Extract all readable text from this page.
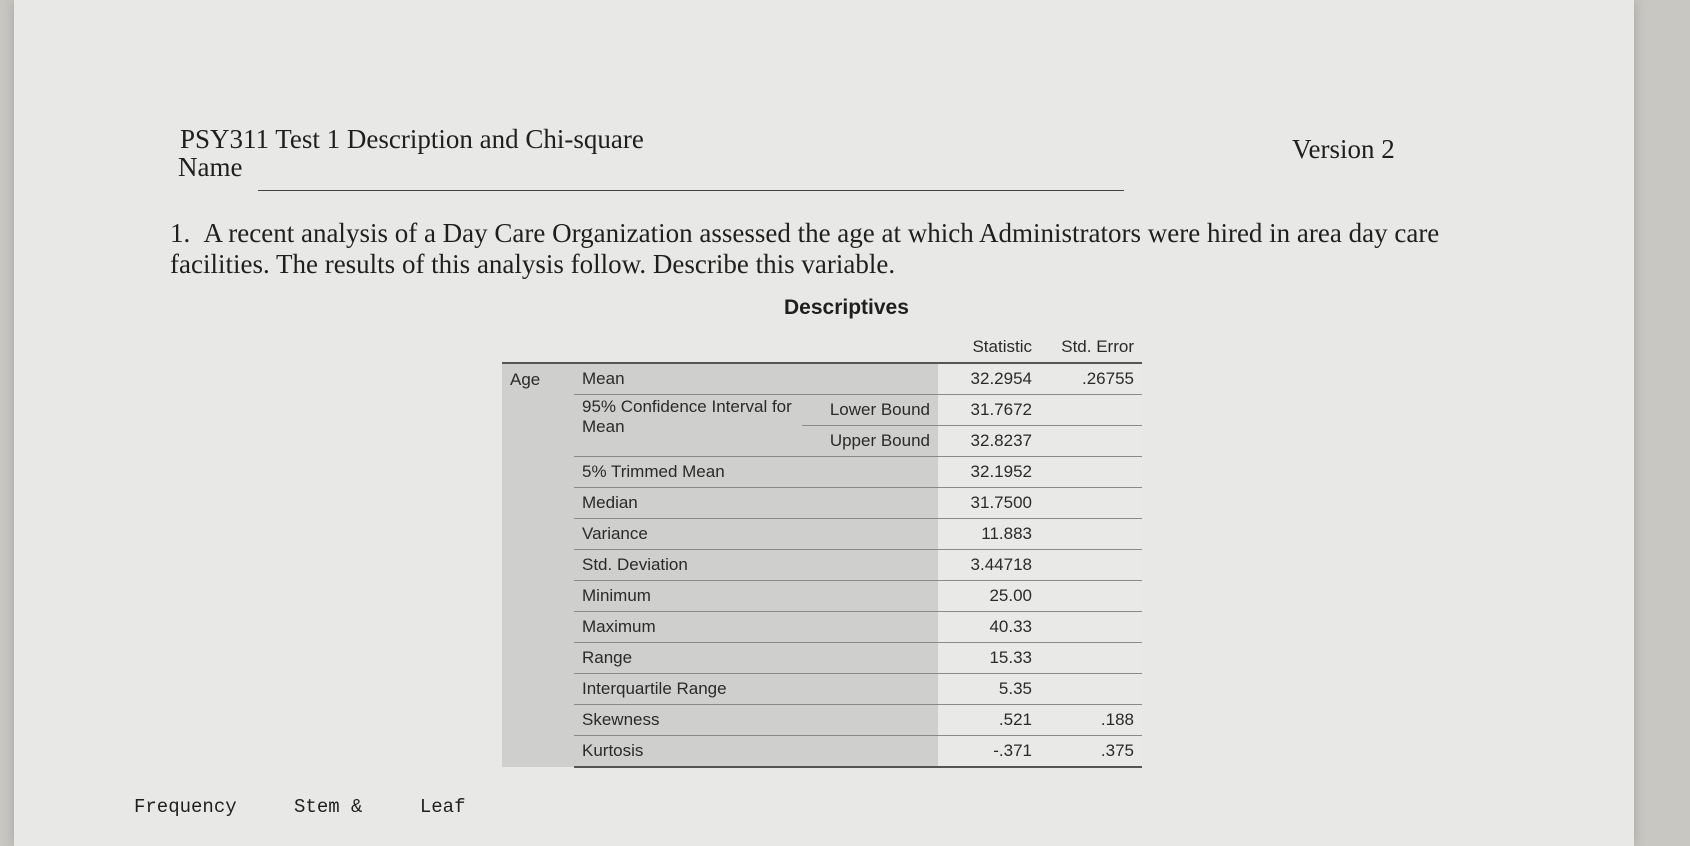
PSY311 Test 1 Description and Chi-square	Version 2
Name
1. A recent analysis of a Day Care Organization assessed the age at which Administrators were hired in area day care facilities. The results of this analysis follow. Describe this variable.
Descriptives
			Statistic	Std. Error
Age	Mean		32.2954	.26755
	95% Confidence Interval for Mean	Lower Bound	31.7672	
		Upper Bound	32.8237	
	5% Trimmed Mean		32.1952	
	Median		31.7500	
	Variance		11.883	
	Std. Deviation		3.44718	
	Minimum		25.00	
	Maximum		40.33	
	Range		15.33	
	Interquartile Range		5.35	
	Skewness		.521	.188
	Kurtosis		-.371	.375
Frequency	Stem &	Leaf
